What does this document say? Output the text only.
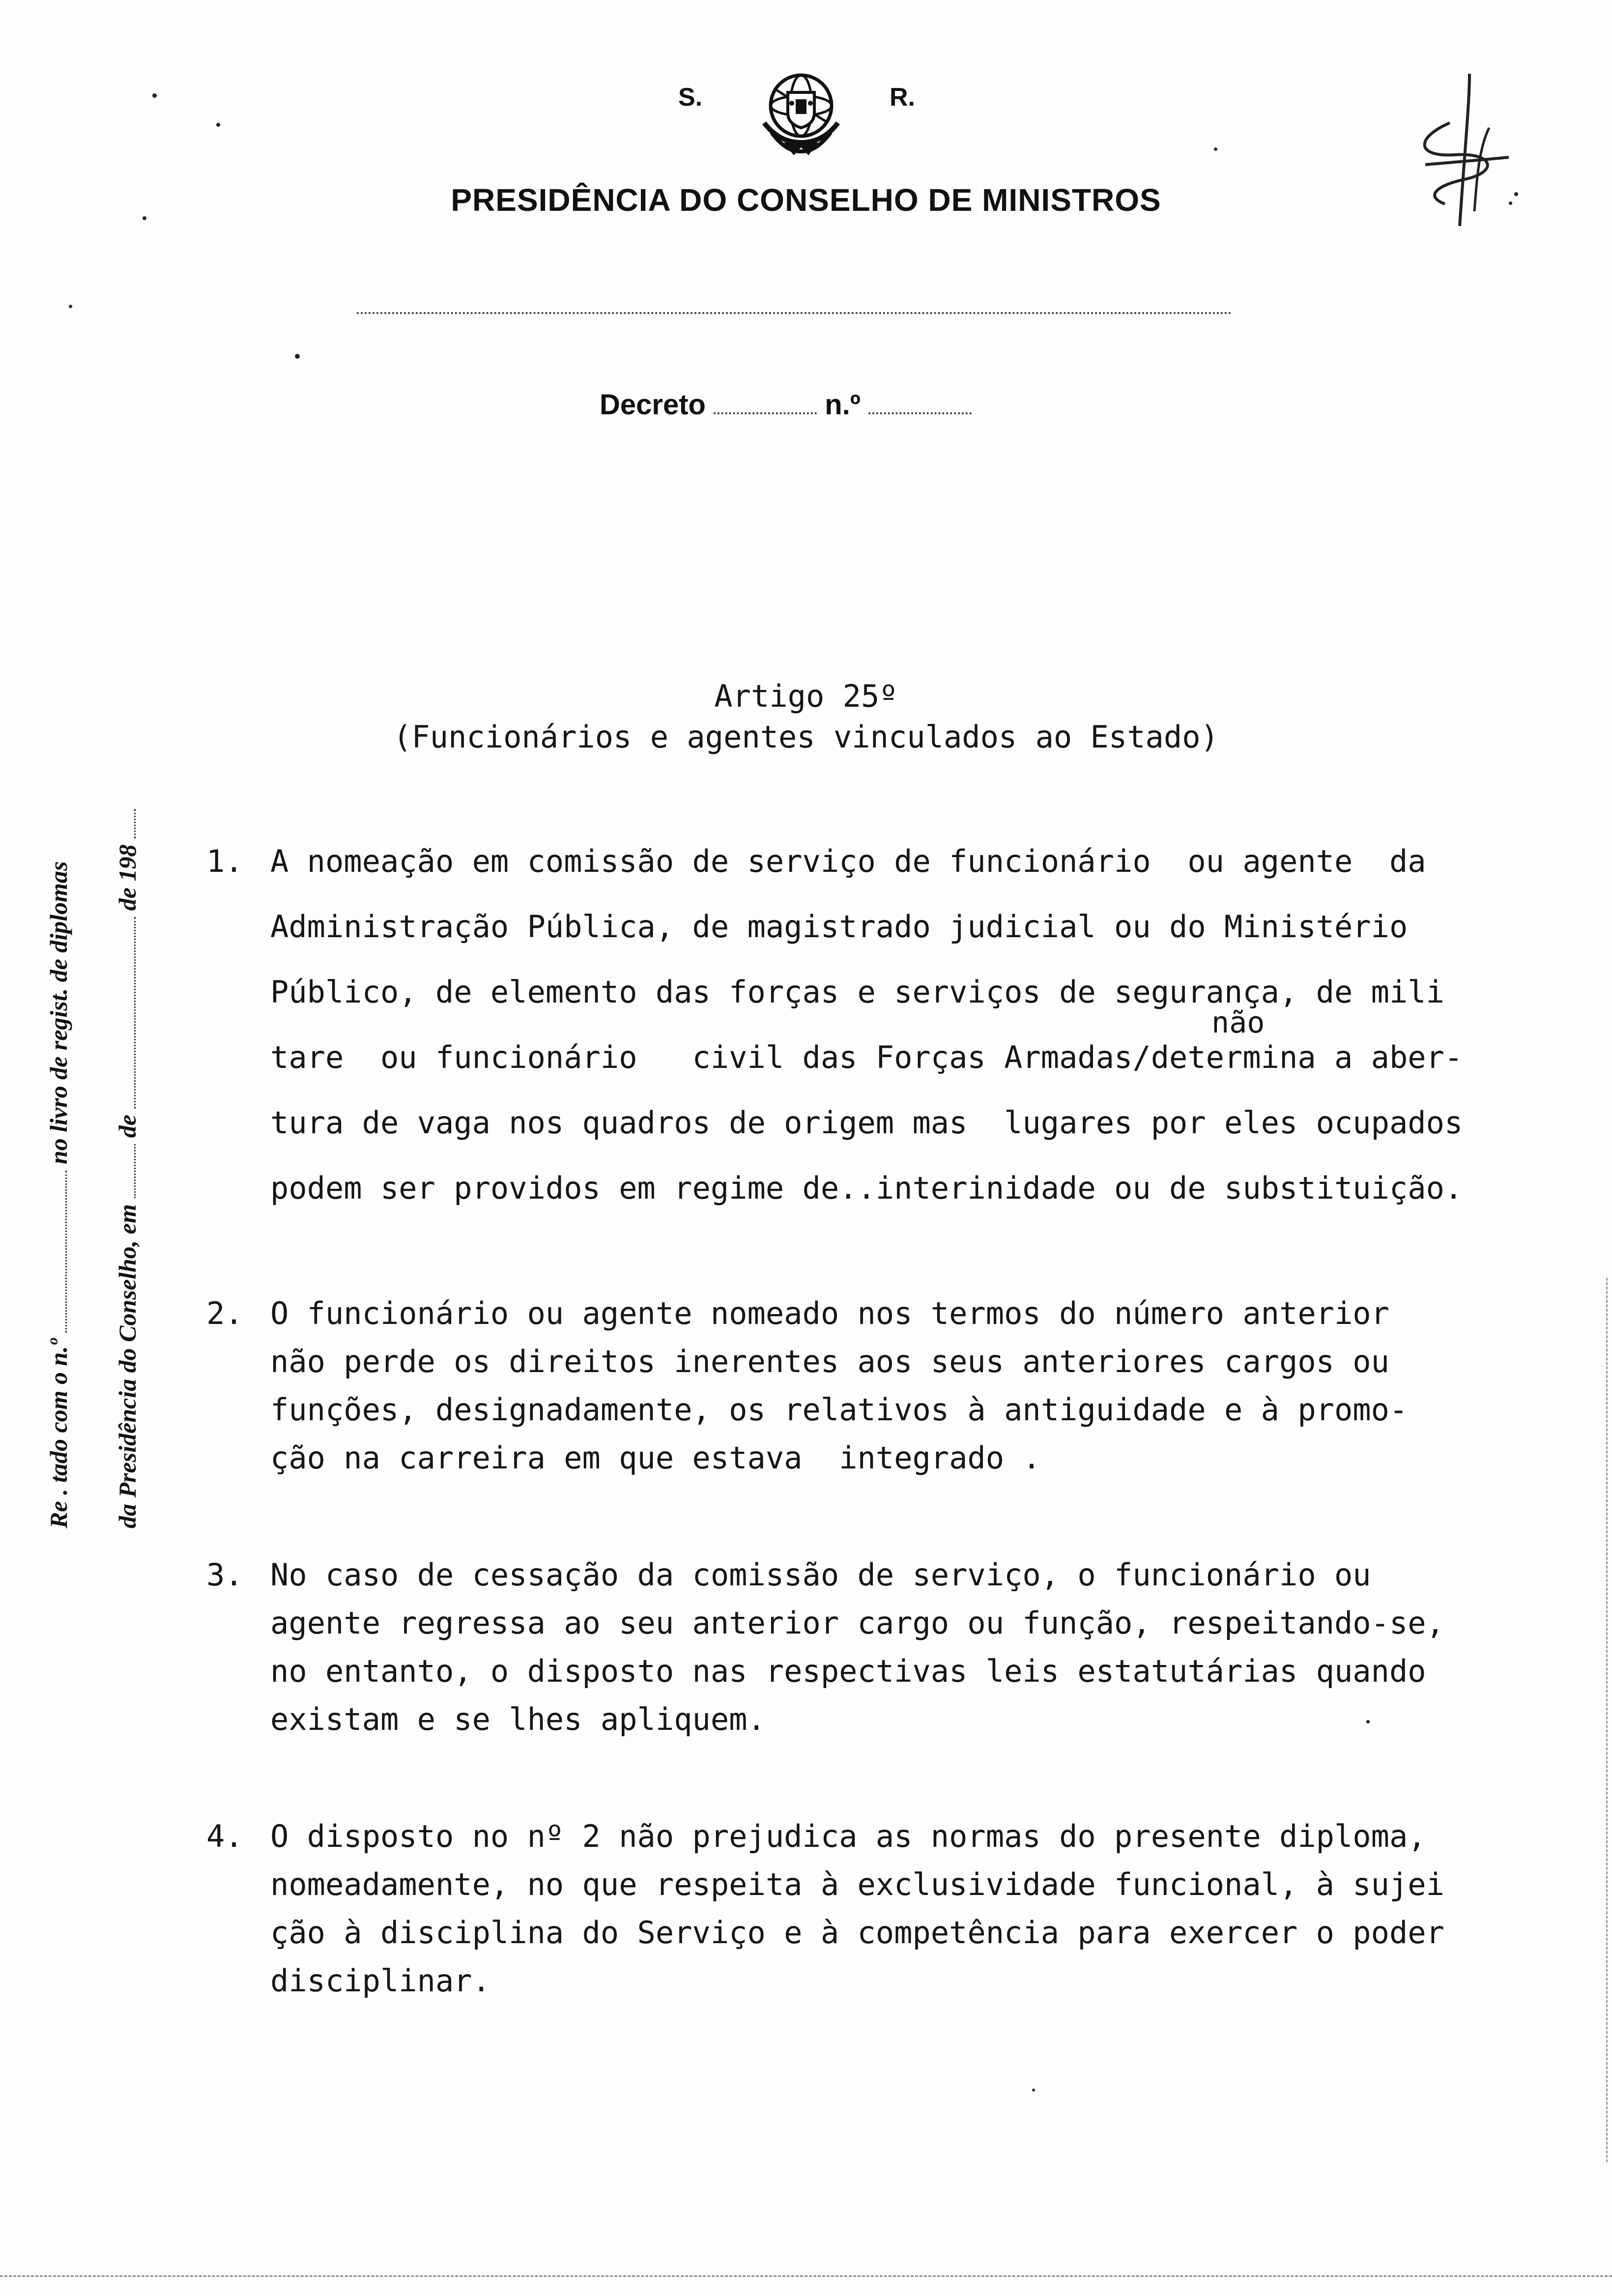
S.	R.
PRESIDÊNCIA DO CONSELHO DE MINISTROS
Decreto	n.º
Re . tado com o n.º  no livro de regist. de diplomas
da Presidência do Conselho, em  de  de 198
Artigo 25º
(Funcionários e agentes vinculados ao Estado)
1. A nomeação em comissão de serviço de funcionário  ou agente  da
Administração Pública, de magistrado judicial ou do Ministério
Público, de elemento das forças e serviços de segurança, de mili
tare  ou funcionário   civil das Forças Armadas/determina a aber-
tura de vaga nos quadros de origem mas  lugares por eles ocupados
podem ser providos em regime de..interinidade ou de substituição.
não
2. O funcionário ou agente nomeado nos termos do número anterior
não perde os direitos inerentes aos seus anteriores cargos ou
funções, designadamente, os relativos à antiguidade e à promo-
ção na carreira em que estava  integrado .
3. No caso de cessação da comissão de serviço, o funcionário ou
agente regressa ao seu anterior cargo ou função, respeitando-se,
no entanto, o disposto nas respectivas leis estatutárias quando
existam e se lhes apliquem.
4. O disposto no nº 2 não prejudica as normas do presente diploma,
nomeadamente, no que respeita à exclusividade funcional, à sujei
ção à disciplina do Serviço e à competência para exercer o poder
disciplinar.
